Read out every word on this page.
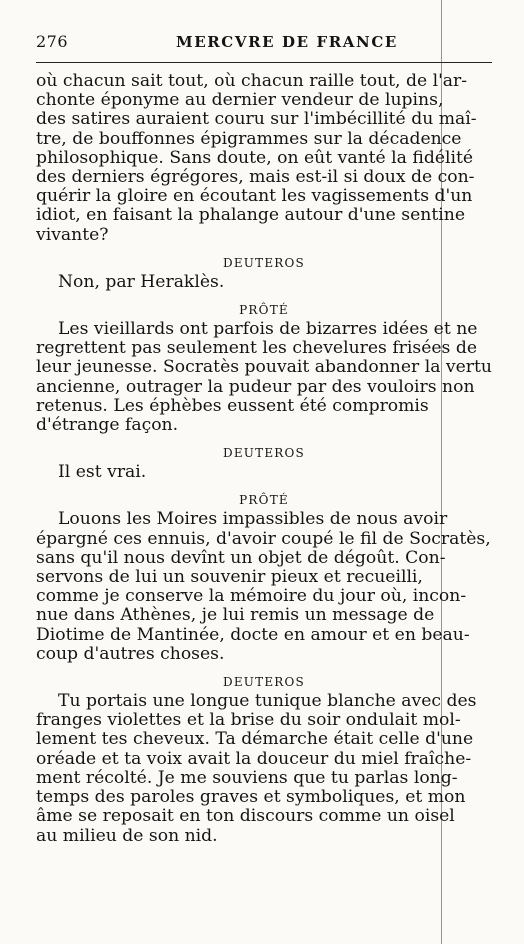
276	MERCVRE DE FRANCE
où chacun sait tout, où chacun raille tout, de l'ar-
chonte éponyme au dernier vendeur de lupins,
des satires auraient couru sur l'imbécillité du maî-
tre, de bouffonnes épigrammes sur la décadence
philosophique. Sans doute, on eût vanté la fidélité
des derniers égrégores, mais est-il si doux de con-
quérir la gloire en écoutant les vagissements d'un
idiot, en faisant la phalange autour d'une sentine
vivante?
DEUTEROS
Non, par Heraklès.
PRÔTÉ
Les vieillards ont parfois de bizarres idées et ne
regrettent pas seulement les chevelures frisées de
leur jeunesse. Socratès pouvait abandonner la vertu
ancienne, outrager la pudeur par des vouloirs non
retenus. Les éphèbes eussent été compromis
d'étrange façon.
DEUTEROS
Il est vrai.
PRÔTÉ
Louons les Moires impassibles de nous avoir
épargné ces ennuis, d'avoir coupé le fil de Socratès,
sans qu'il nous devînt un objet de dégoût. Con-
servons de lui un souvenir pieux et recueilli,
comme je conserve la mémoire du jour où, incon-
nue dans Athènes, je lui remis un message de
Diotime de Mantinée, docte en amour et en beau-
coup d'autres choses.
DEUTEROS
Tu portais une longue tunique blanche avec des
franges violettes et la brise du soir ondulait mol-
lement tes cheveux. Ta démarche était celle d'une
oréade et ta voix avait la douceur du miel fraîche-
ment récolté. Je me souviens que tu parlas long-
temps des paroles graves et symboliques, et mon
âme se reposait en ton discours comme un oisel
au milieu de son nid.
